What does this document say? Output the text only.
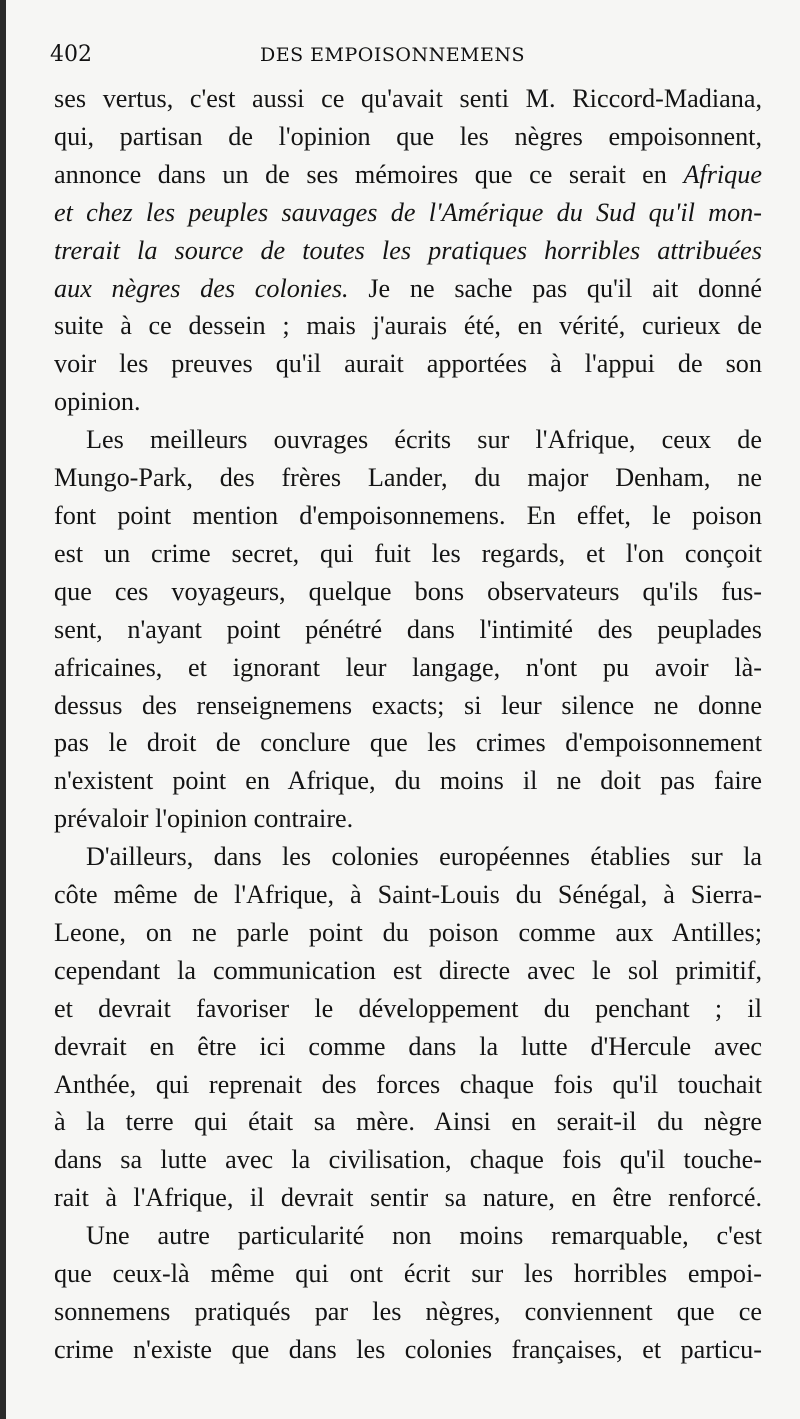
402	DES EMPOISONNEMENS

ses vertus, c'est aussi ce qu'avait senti M. Riccord-Madiana,
qui, partisan de l'opinion que les nègres empoisonnent,
annonce dans un de ses mémoires que ce serait en Afrique
et chez les peuples sauvages de l'Amérique du Sud qu'il mon-
trerait la source de toutes les pratiques horribles attribuées
aux nègres des colonies. Je ne sache pas qu'il ait donné
suite à ce dessein ; mais j'aurais été, en vérité, curieux de
voir les preuves qu'il aurait apportées à l'appui de son
opinion.

Les meilleurs ouvrages écrits sur l'Afrique, ceux de
Mungo-Park, des frères Lander, du major Denham, ne
font point mention d'empoisonnemens. En effet, le poison
est un crime secret, qui fuit les regards, et l'on conçoit
que ces voyageurs, quelque bons observateurs qu'ils fus-
sent, n'ayant point pénétré dans l'intimité des peuplades
africaines, et ignorant leur langage, n'ont pu avoir là-
dessus des renseignemens exacts; si leur silence ne donne
pas le droit de conclure que les crimes d'empoisonnement
n'existent point en Afrique, du moins il ne doit pas faire
prévaloir l'opinion contraire.

D'ailleurs, dans les colonies européennes établies sur la
côte même de l'Afrique, à Saint-Louis du Sénégal, à Sierra-
Leone, on ne parle point du poison comme aux Antilles;
cependant la communication est directe avec le sol primitif,
et devrait favoriser le développement du penchant ; il
devrait en être ici comme dans la lutte d'Hercule avec
Anthée, qui reprenait des forces chaque fois qu'il touchait
à la terre qui était sa mère. Ainsi en serait-il du nègre
dans sa lutte avec la civilisation, chaque fois qu'il touche-
rait à l'Afrique, il devrait sentir sa nature, en être renforcé.

Une autre particularité non moins remarquable, c'est
que ceux-là même qui ont écrit sur les horribles empoi-
sonnemens pratiqués par les nègres, conviennent que ce
crime n'existe que dans les colonies françaises, et particu-
